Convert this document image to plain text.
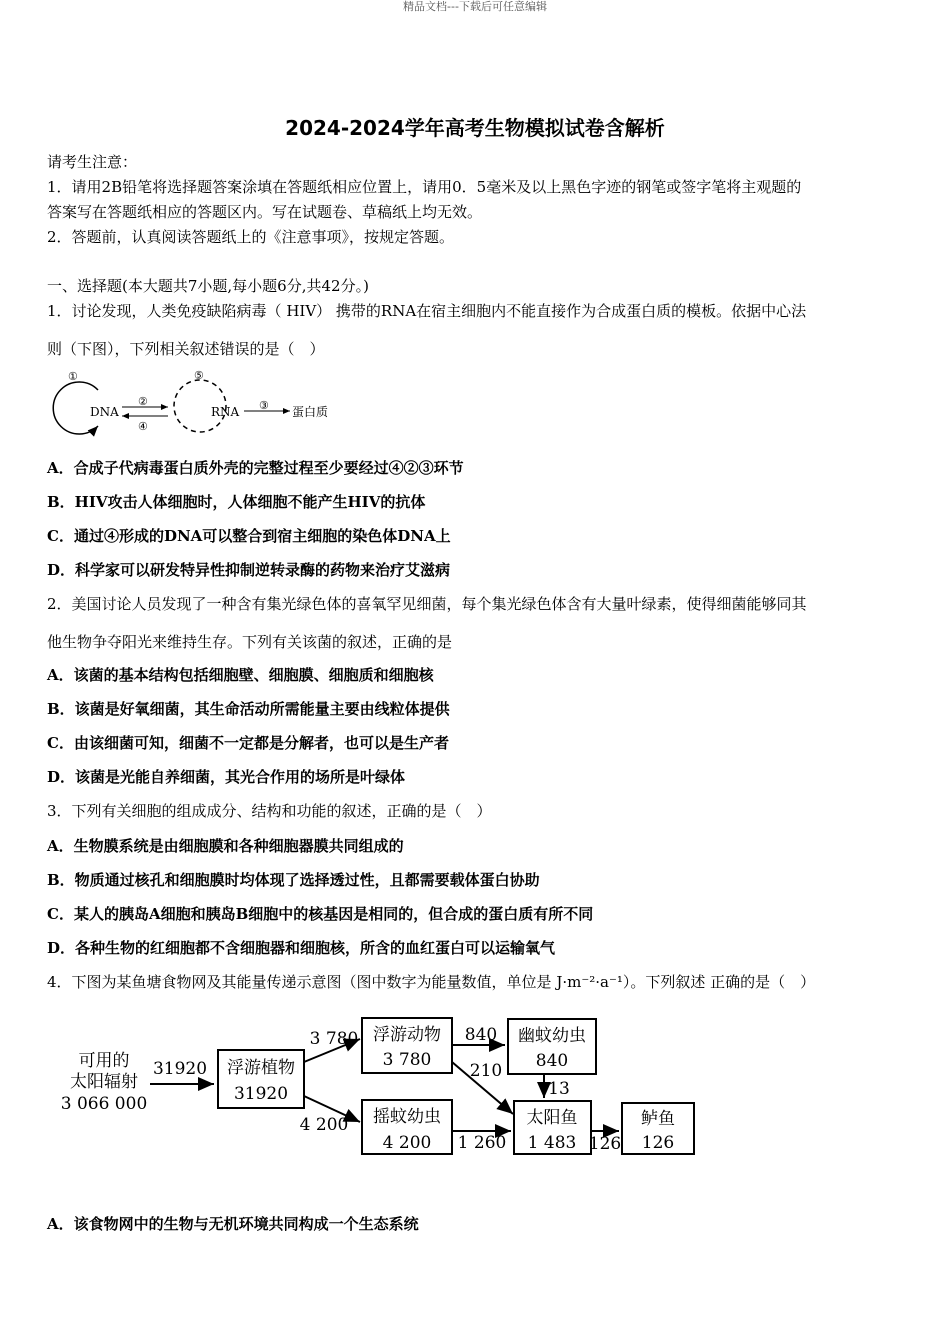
精品文档---下载后可任意编辑
2024-2024学年高考生物模拟试卷含解析
请考生注意：
1．请用2B铅笔将选择题答案涂填在答题纸相应位置上，请用0．5毫米及以上黑色字迹的钢笔或签字笔将主观题的
答案写在答题纸相应的答题区内。写在试题卷、草稿纸上均无效。
2．答题前，认真阅读答题纸上的《注意事项》，按规定答题。
一、选择题(本大题共7小题,每小题6分,共42分。)
1．讨论发现，人类免疫缺陷病毒（ HIV） 携带的RNA在宿主细胞内不能直接作为合成蛋白质的模板。依据中心法
则（下图），下列相关叙述错误的是（　）
①
DNA
②
④
⑤
RNA ③ 蛋白质
A．合成子代病毒蛋白质外壳的完整过程至少要经过④②③环节
B．HIV攻击人体细胞时，人体细胞不能产生HIV的抗体
C．通过④形成的DNA可以整合到宿主细胞的染色体DNA上
D．科学家可以研发特异性抑制逆转录酶的药物来治疗艾滋病
2．美国讨论人员发现了一种含有集光绿色体的喜氧罕见细菌，每个集光绿色体含有大量叶绿素，使得细菌能够同其
他生物争夺阳光来维持生存。下列有关该菌的叙述，正确的是
A．该菌的基本结构包括细胞壁、细胞膜、细胞质和细胞核
B．该菌是好氧细菌，其生命活动所需能量主要由线粒体提供
C．由该细菌可知，细菌不一定都是分解者，也可以是生产者
D．该菌是光能自养细菌，其光合作用的场所是叶绿体
3．下列有关细胞的组成成分、结构和功能的叙述，正确的是（　）
A．生物膜系统是由细胞膜和各种细胞器膜共同组成的
B．物质通过核孔和细胞膜时均体现了选择透过性，且都需要载体蛋白协助
C．某人的胰岛A细胞和胰岛B细胞中的核基因是相同的，但合成的蛋白质有所不同
D．各种生物的红细胞都不含细胞器和细胞核，所含的血红蛋白可以运输氧气
4．下图为某鱼塘食物网及其能量传递示意图（图中数字为能量数值，单位是 J·m⁻²·a⁻¹）。下列叙述 正确的是（　）
可用的
太阳辐射
3 066 000
31920 浮游植物
31920
3 780
4 200
浮游动物
3 780
摇蚊幼虫
4 200
840
210
1 260
幽蚊幼虫
840
13
太阳鱼
1 483 126
鲈鱼
126
A．该食物网中的生物与无机环境共同构成一个生态系统
